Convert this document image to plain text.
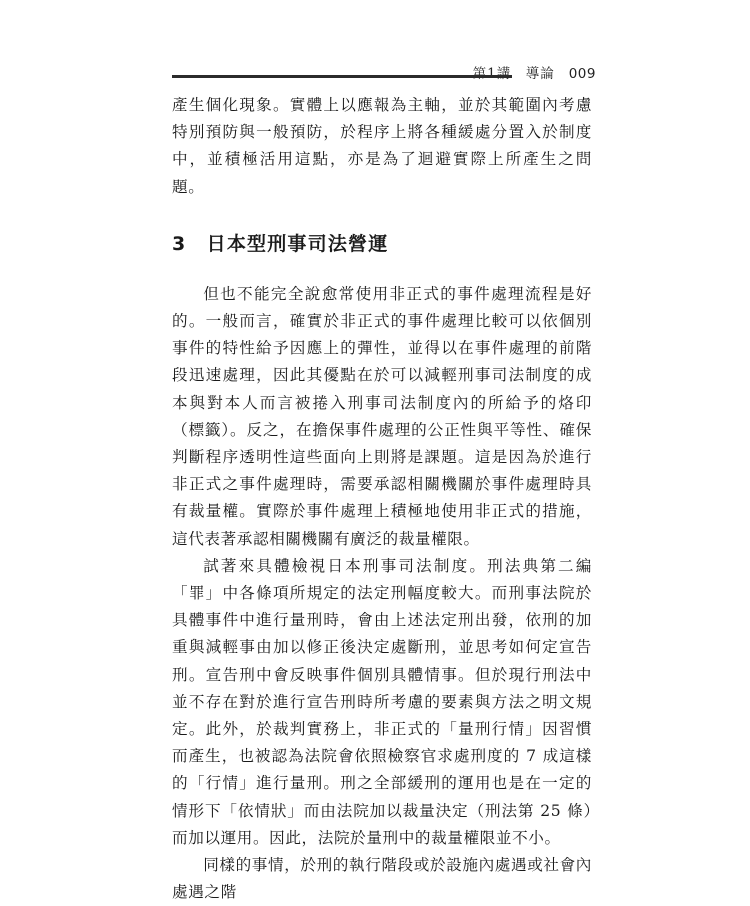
第1講　導論 009

產生個化現象。實體上以應報為主軸，並於其範圍內考慮特別預防與一般預防，於程序上將各種緩處分置入於制度中，並積極活用這點，亦是為了迴避實際上所產生之問題。

3　日本型刑事司法營運

但也不能完全說愈常使用非正式的事件處理流程是好的。一般而言，確實於非正式的事件處理比較可以依個別事件的特性給予因應上的彈性，並得以在事件處理的前階段迅速處理，因此其優點在於可以減輕刑事司法制度的成本與對本人而言被捲入刑事司法制度內的所給予的烙印（標籤）。反之，在擔保事件處理的公正性與平等性、確保判斷程序透明性這些面向上則將是課題。這是因為於進行非正式之事件處理時，需要承認相關機關於事件處理時具有裁量權。實際於事件處理上積極地使用非正式的措施，這代表著承認相關機關有廣泛的裁量權限。

試著來具體檢視日本刑事司法制度。刑法典第二編「罪」中各條項所規定的法定刑幅度較大。而刑事法院於具體事件中進行量刑時，會由上述法定刑出發，依刑的加重與減輕事由加以修正後決定處斷刑，並思考如何定宣告刑。宣告刑中會反映事件個別具體情事。但於現行刑法中並不存在對於進行宣告刑時所考慮的要素與方法之明文規定。此外，於裁判實務上，非正式的「量刑行情」因習慣而產生，也被認為法院會依照檢察官求處刑度的 7 成這樣的「行情」進行量刑。刑之全部緩刑的運用也是在一定的情形下「依情狀」而由法院加以裁量決定（刑法第 25 條）而加以運用。因此，法院於量刑中的裁量權限並不小。

同樣的事情，於刑的執行階段或於設施內處遇或社會內處遇之階
